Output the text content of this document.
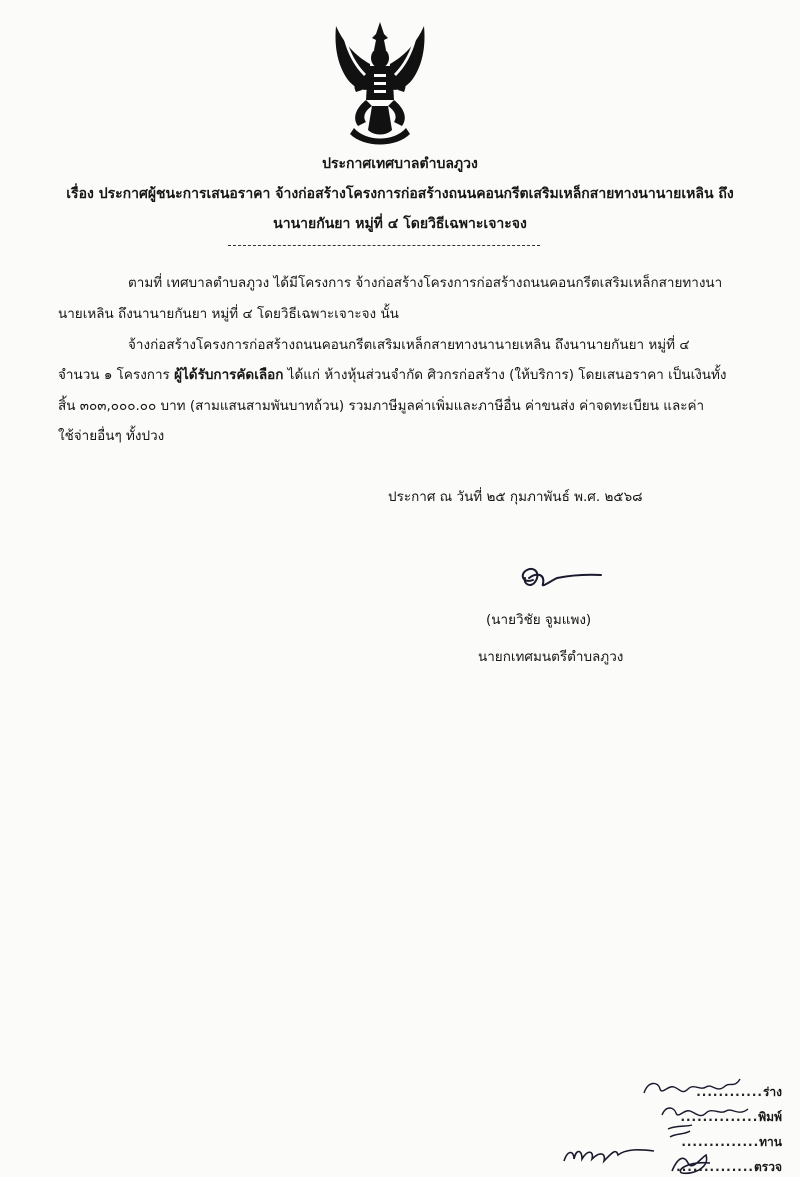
ประกาศเทศบาลตำบลภูวง
เรื่อง ประกาศผู้ชนะการเสนอราคา จ้างก่อสร้างโครงการก่อสร้างถนนคอนกรีตเสริมเหล็กสายทางนานายเหลิน ถึง
นานายกันยา หมู่ที่ ๔ โดยวิธีเฉพาะเจาะจง
ตามที่ เทศบาลตำบลภูวง ได้มีโครงการ จ้างก่อสร้างโครงการก่อสร้างถนนคอนกรีตเสริมเหล็กสายทางนา
นายเหลิน ถึงนานายกันยา หมู่ที่ ๔ โดยวิธีเฉพาะเจาะจง นั้น
จ้างก่อสร้างโครงการก่อสร้างถนนคอนกรีตเสริมเหล็กสายทางนานายเหลิน ถึงนานายกันยา หมู่ที่ ๔
จำนวน ๑ โครงการ ผู้ได้รับการคัดเลือก ได้แก่ ห้างหุ้นส่วนจำกัด ศิวกรก่อสร้าง (ให้บริการ) โดยเสนอราคา เป็นเงินทั้ง
สิ้น ๓๐๓,๐๐๐.๐๐ บาท (สามแสนสามพันบาทถ้วน) รวมภาษีมูลค่าเพิ่มและภาษีอื่น ค่าขนส่ง ค่าจดทะเบียน และค่า
ใช้จ่ายอื่นๆ ทั้งปวง
ประกาศ ณ วันที่ ๒๕ กุมภาพันธ์ พ.ศ. ๒๕๖๘
(นายวิชัย จูมแพง)
นายกเทศมนตรีตำบลภูวง
............ร่าง
..............พิมพ์
..............ทาน
..............ตรวจ
